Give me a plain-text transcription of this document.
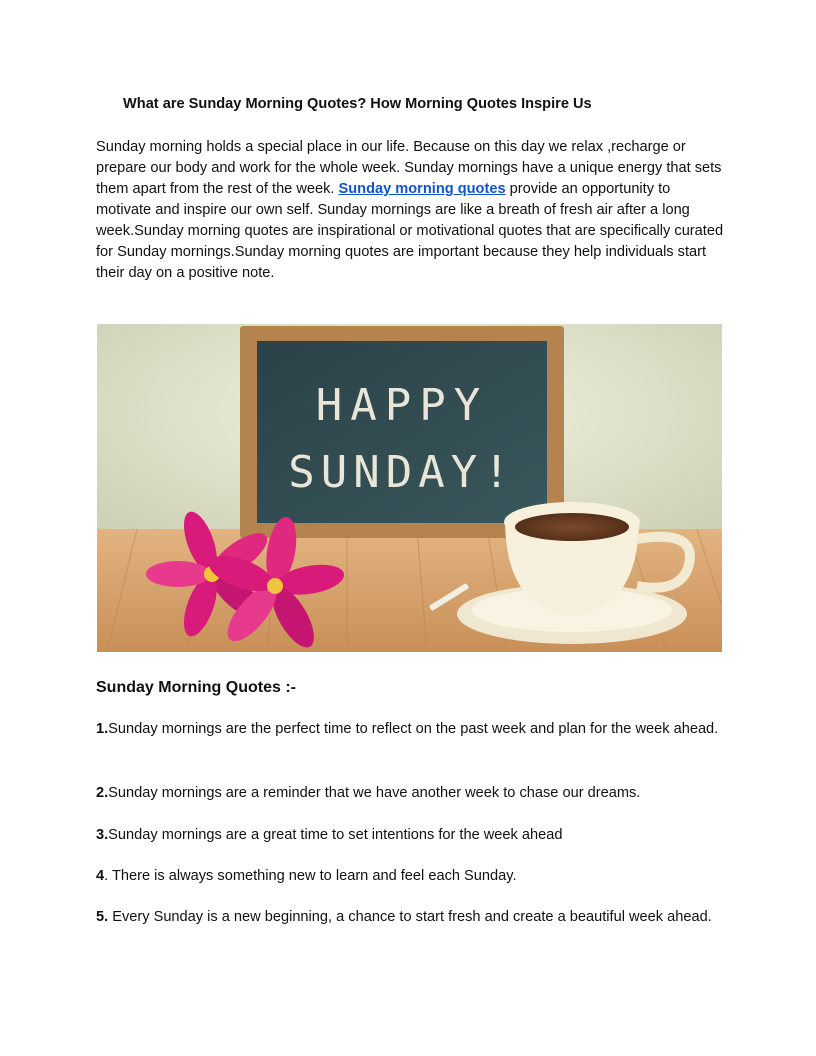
What are Sunday Morning Quotes? How Morning Quotes Inspire Us

Sunday morning holds a special place in our life. Because on this day we relax ,recharge or prepare our body and work for the whole week. Sunday mornings have a unique energy that sets them apart from the rest of the week. Sunday morning quotes provide an opportunity to motivate and inspire our own self. Sunday mornings are like a breath of fresh air after a long week.Sunday morning quotes are inspirational or motivational quotes that are specifically curated for Sunday mornings.Sunday morning quotes are important because they help individuals start their day on a positive note.

HAPPY
SUNDAY!
Sunday Morning Quotes :-
1.Sunday mornings are the perfect time to reflect on the past week and plan for the week ahead.
2.Sunday mornings are a reminder that we have another week to chase our dreams.
3.Sunday mornings are a great time to set intentions for the week ahead
4. There is always something new to learn and feel each Sunday.
5. Every Sunday is a new beginning, a chance to start fresh and create a beautiful week ahead.
